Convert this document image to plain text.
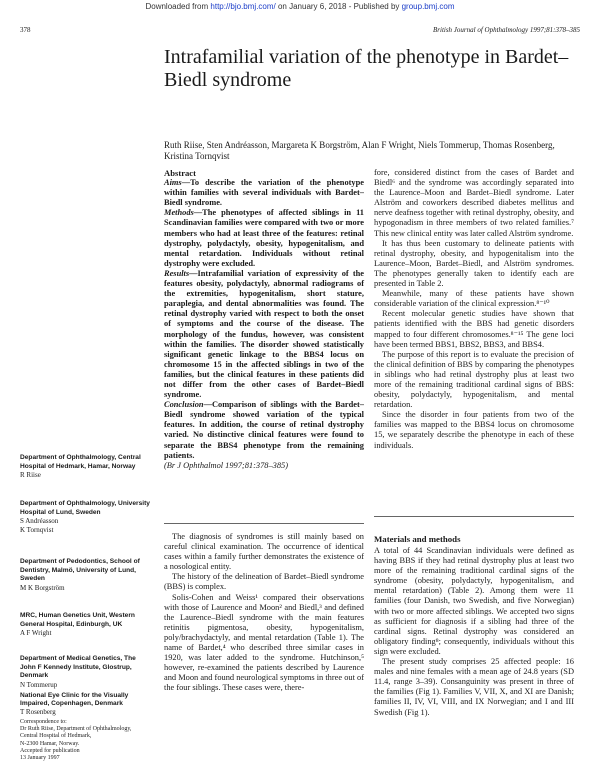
Downloaded from http://bjo.bmj.com/ on January 6, 2018 - Published by group.bmj.com
378	British Journal of Ophthalmology 1997;81:378–385
Intrafamilial variation of the phenotype in Bardet–Biedl syndrome
Ruth Riise, Sten Andréasson, Margareta K Borgström, Alan F Wright, Niels Tommerup, Thomas Rosenberg, Kristina Tornqvist
Department of Ophthalmology, Central Hospital of Hedmark, Hamar, Norway
R Riise
Department of Ophthalmology, University Hospital of Lund, Sweden
S Andréasson
K Tornqvist
Department of Pedodontics, School of Dentistry, Malmö, University of Lund, Sweden
M K Borgström
MRC, Human Genetics Unit, Western General Hospital, Edinburgh, UK
A F Wright
Department of Medical Genetics, The John F Kennedy Institute, Glostrup, Denmark
N Tommerup
National Eye Clinic for the Visually Impaired, Copenhagen, Denmark
T Rosenberg
Correspondence to:
Dr Ruth Riise, Department of Ophthalmology, Central Hospital of Hedmark,
N-2300 Hamar, Norway.
Accepted for publication
13 January 1997
Abstract

Aims—To describe the variation of the phenotype within families with several individuals with Bardet–Biedl syndrome.

Methods—The phenotypes of affected siblings in 11 Scandinavian families were compared with two or more members who had at least three of the features: retinal dystrophy, polydactyly, obesity, hypogenitalism, and mental retardation. Individuals without retinal dystrophy were excluded.

Results—Intrafamilial variation of expressivity of the features obesity, polydactyly, abnormal radiograms of the extremities, hypogenitalism, short stature, paraplegia, and dental abnormalities was found. The retinal dystrophy varied with respect to both the onset of symptoms and the course of the disease. The morphology of the fundus, however, was consistent within the families. The disorder showed statistically significant genetic linkage to the BBS4 locus on chromosome 15 in the affected siblings in two of the families, but the clinical features in these patients did not differ from the other cases of Bardet–Biedl syndrome.

Conclusion—Comparison of siblings with the Bardet–Biedl syndrome showed variation of the typical features. In addition, the course of retinal dystrophy varied. No distinctive clinical features were found to separate the BBS4 phenotype from the remaining patients.

(Br J Ophthalmol 1997;81:378–385)

The diagnosis of syndromes is still mainly based on careful clinical examination. The occurrence of identical cases within a family further demonstrates the existence of a nosological entity.

The history of the delineation of Bardet–Biedl syndrome (BBS) is complex.

Solis-Cohen and Weiss¹ compared their observations with those of Laurence and Moon² and Biedl,³ and defined the Laurence–Biedl syndrome with the main features retinitis pigmentosa, obesity, hypogenitalism, poly/brachydactyly, and mental retardation (Table 1). The name of Bardet,⁴ who described three similar cases in 1920, was later added to the syndrome. Hutchinson,⁵ however, re-examined the patients described by Laurence and Moon and found neurological symptoms in three out of the four siblings. These cases were, there-

fore, considered distinct from the cases of Bardet and Biedl⁶ and the syndrome was accordingly separated into the Laurence–Moon and Bardet–Biedl syndrome. Later Alström and coworkers described diabetes mellitus and nerve deafness together with retinal dystrophy, obesity, and hypogonadism in three members of two related families.⁷ This new clinical entity was later called Alström syndrome.

It has thus been customary to delineate patients with retinal dystrophy, obesity, and hypogenitalism into the Laurence–Moon, Bardet–Biedl, and Alström syndromes. The phenotypes generally taken to identify each are presented in Table 2.

Meanwhile, many of these patients have shown considerable variation of the clinical expression.⁸⁻¹⁰

Recent molecular genetic studies have shown that patients identified with the BBS had genetic disorders mapped to four different chromosomes.⁸⁻¹⁵ The gene loci have been termed BBS1, BBS2, BBS3, and BBS4.

The purpose of this report is to evaluate the precision of the clinical definition of BBS by comparing the phenotypes in siblings who had retinal dystrophy plus at least two more of the remaining traditional cardinal signs of BBS: obesity, polydactyly, hypogenitalism, and mental retardation.

Since the disorder in four patients from two of the families was mapped to the BBS4 locus on chromosome 15, we separately describe the phenotype in each of these individuals.

Materials and methods

A total of 44 Scandinavian individuals were defined as having BBS if they had retinal dystrophy plus at least two more of the remaining traditional cardinal signs of the syndrome (obesity, polydactyly, hypogenitalism, and mental retardation) (Table 2). Among them were 11 families (four Danish, two Swedish, and five Norwegian) with two or more affected siblings. We accepted two signs as sufficient for diagnosis if a sibling had three of the cardinal signs. Retinal dystrophy was considered an obligatory finding⁸; consequently, individuals without this sign were excluded.

The present study comprises 25 affected people: 16 males and nine females with a mean age of 24.8 years (SD 11.4, range 3–39). Consanguinity was present in three of the families (Fig 1). Families V, VII, X, and XI are Danish; families II, IV, VI, VIII, and IX Norwegian; and I and III Swedish (Fig 1).
